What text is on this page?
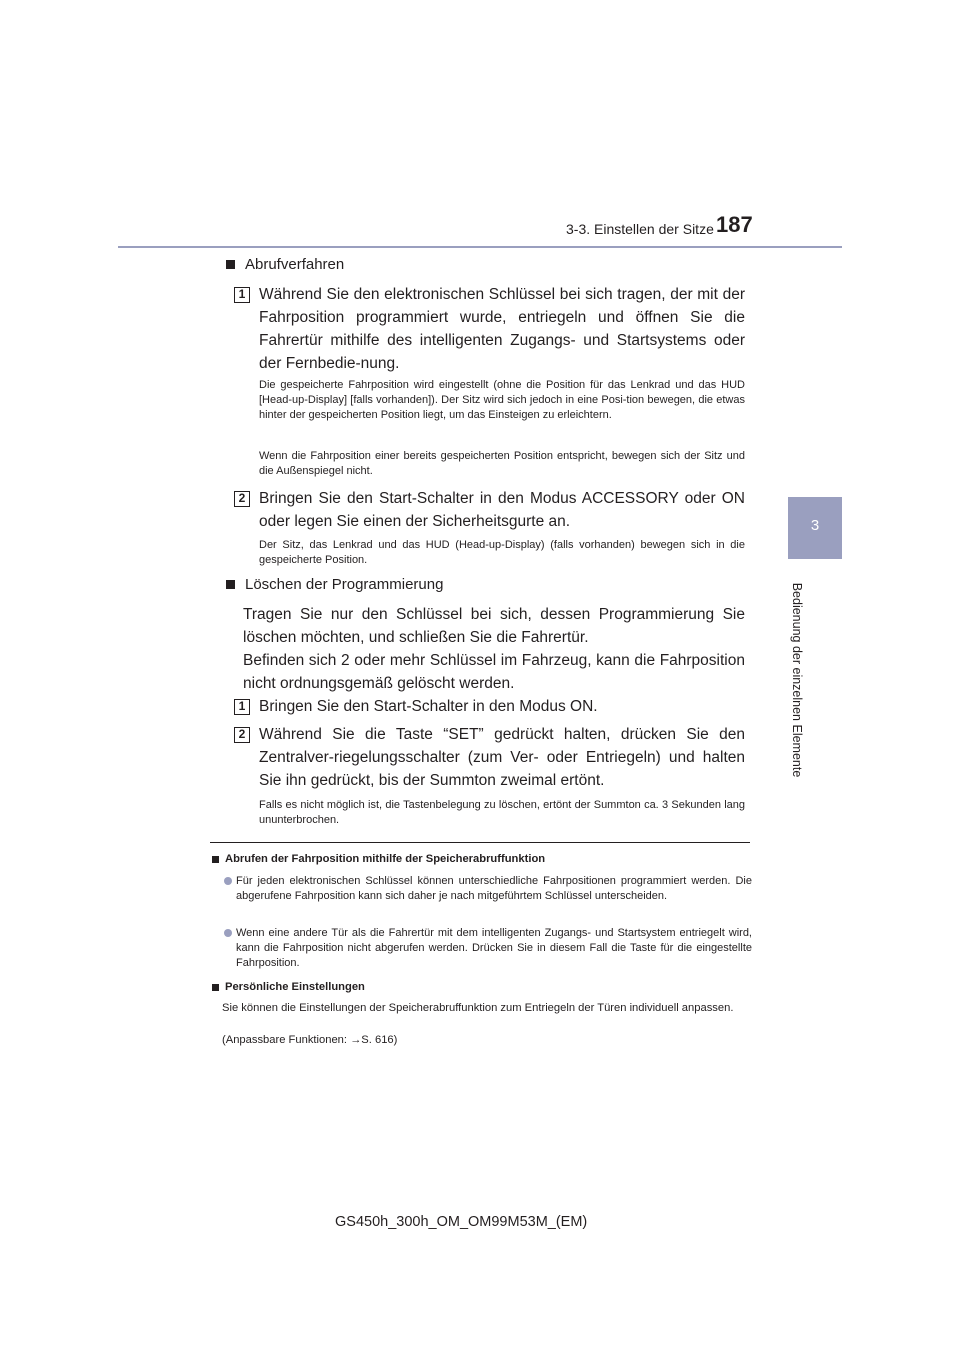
3-3. Einstellen der Sitze 187
3
Bedienung der einzelnen Elemente
Abrufverfahren
1 Während Sie den elektronischen Schlüssel bei sich tragen, der mit der Fahrposition programmiert wurde, entriegeln und öffnen Sie die Fahrertür mithilfe des intelligenten Zugangs- und Startsystems oder der Fernbedie-nung.
Die gespeicherte Fahrposition wird eingestellt (ohne die Position für das Lenkrad und das HUD [Head-up-Display] [falls vorhanden]). Der Sitz wird sich jedoch in eine Posi-tion bewegen, die etwas hinter der gespeicherten Position liegt, um das Einsteigen zu erleichtern.
Wenn die Fahrposition einer bereits gespeicherten Position entspricht, bewegen sich der Sitz und die Außenspiegel nicht.
2 Bringen Sie den Start-Schalter in den Modus ACCESSORY oder ON oder legen Sie einen der Sicherheitsgurte an.
Der Sitz, das Lenkrad und das HUD (Head-up-Display) (falls vorhanden) bewegen sich in die gespeicherte Position.
Löschen der Programmierung
Tragen Sie nur den Schlüssel bei sich, dessen Programmierung Sie löschen möchten, und schließen Sie die Fahrertür.
Befinden sich 2 oder mehr Schlüssel im Fahrzeug, kann die Fahrposition nicht ordnungsgemäß gelöscht werden.
1 Bringen Sie den Start-Schalter in den Modus ON.
2 Während Sie die Taste “SET” gedrückt halten, drücken Sie den Zentralver-riegelungsschalter (zum Ver- oder Entriegeln) und halten Sie ihn gedrückt, bis der Summton zweimal ertönt.
Falls es nicht möglich ist, die Tastenbelegung zu löschen, ertönt der Summton ca. 3 Sekunden lang ununterbrochen.
Abrufen der Fahrposition mithilfe der Speicherabruffunktion
Für jeden elektronischen Schlüssel können unterschiedliche Fahrpositionen programmiert werden. Die abgerufene Fahrposition kann sich daher je nach mitgeführtem Schlüssel unterscheiden.
Wenn eine andere Tür als die Fahrertür mit dem intelligenten Zugangs- und Startsystem entriegelt wird, kann die Fahrposition nicht abgerufen werden. Drücken Sie in diesem Fall die Taste für die eingestellte Fahrposition.
Persönliche Einstellungen
Sie können die Einstellungen der Speicherabruffunktion zum Entriegeln der Türen individuell anpassen.
(Anpassbare Funktionen: →S. 616)
GS450h_300h_OM_OM99M53M_(EM)
